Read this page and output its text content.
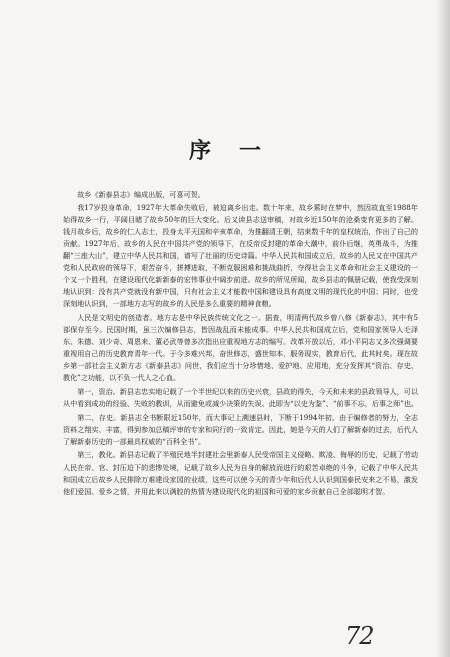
序一

故乡《新泰县志》编成出版，可喜可贺。

我17岁投身革命，1927年大革命失败后，被迫离乡出走。数十年来，故乡萦时在梦中，然因故直至1988年始得故乡一行，平阔目睹了故乡50年的巨大变化。后又读县志送审稿，对故乡近150年的沧桑变有更多的了解。钱月故乡后，故乡的仁人志士，投身太平天国和辛亥革命，为推翻清王朝，结束数千年的皇权统治，作出了自己的贡献。1927年后，故乡的人民在中国共产党的领导下，在反帝反封建的革命大潮中，前仆后继，英勇战斗，为推翻“三座大山”，建立中华人民共和国，谱写了壮丽的历史诗篇。中华人民共和国成立后，故乡的人民又在中国共产党和人民政府的领导下，艰苦奋斗，拼搏进取，不断克服困难和挑战曲折，夺得社会主义革命和社会主义建设的一个又一个胜利，在建设现代化新新泰的宏伟事业中阔步前进。故乡的所见所闻，故乡县志的佩册记载，使我受深刻地认识到：没有共产党就没有新中国，只有社会主义才能救中国和建设具有高度文明的现代化的中国；同时，也受深刻地认识到，一部地方志写的故乡的人民是多么重要的精神食粮。

人民是文明史的创造者。地方志是中华民族传统文化之一。据查，明清两代故乡曾八修《新泰志》，其中有5部保存至今。民国时期，虽三次编修县志，皆因战乱而未能成事。中华人民共和国成立后，党和国家领导人毛泽东、朱德、刘少奇、周恩来、董必武等曾多次指出应重视地方志的编写。改革开放以后，邓小平同志又多次强调要重视用自己的历史教育青年一代。于今多难兴邦，奋世修志，盛世知本，服务现实，教育后代，此其时矣。现在故乡第一部社会主义新方志《新泰县志》问世，我们应当十分珍惜地、爱护地、应用地，充分发挥其“资治、存史、教化”之功能，以不负一代人之心血。

第一，资治。新县志忠实地记载了一个半世纪以来的历史兴衰，县政的得失，今天和未来的县政领导人，可以从中看到成功的经验、失败的教训，从而避免或减少决策的失误。此即为“以史为鉴”、“前事不忘，后事之师”也。

第二，存史。新县志全书断限近150年，而大事记上溯速县时，下断于1994年初。由于编修者的努力，全志资料之翔实、丰富，得到参加总稿评审的专家和同行的一致肯定。因此，她是今天的人们了解新泰的过去，后代人了解新泰历史的一部最具权威的“百科全书”。

第三，教化。新县志记载了半殖民地半封建社会里新泰人民受帝国主义侵略、欺凌、侮辱的历史，记载了劳动人民在帝、官、封压迫下的悲惨处境，记载了故乡人民为自身的解放而进行的艰苦卓绝的斗争，记载了中华人民共和国成立后故乡人民排除万难建设家园的业绩，这些可以使今天的青少年和后代人认识到国泰民安来之不易，激发他们爱国、爱乡之情，并用此来以满腔的热情为建设现代化的祖国和可爱的家乡贡献自己全部聪明才智。

72
